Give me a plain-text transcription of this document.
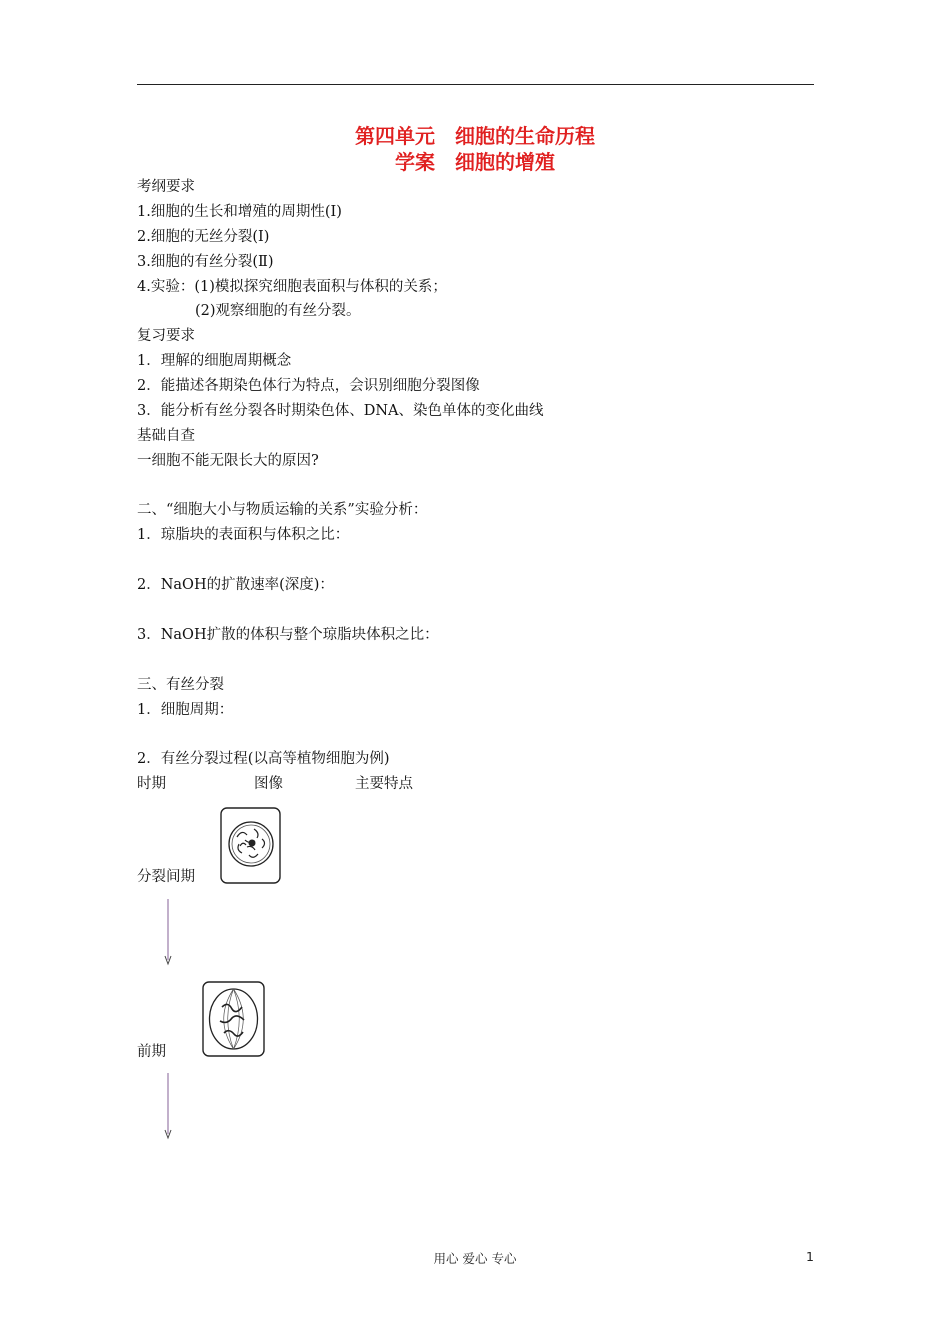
第四单元　细胞的生命历程
学案　细胞的增殖
考纲要求
1.细胞的生长和增殖的周期性(Ⅰ)
2.细胞的无丝分裂(Ⅰ)
3.细胞的有丝分裂(Ⅱ)
4.实验：(1)模拟探究细胞表面积与体积的关系；
　　　　(2)观察细胞的有丝分裂。
复习要求
1．理解的细胞周期概念
2．能描述各期染色体行为特点，会识别细胞分裂图像
3．能分析有丝分裂各时期染色体、DNA、染色单体的变化曲线
基础自查
一细胞不能无限长大的原因?
二、“细胞大小与物质运输的关系”实验分析：
1．琼脂块的表面积与体积之比：
2．NaOH的扩散速率(深度)：
3．NaOH扩散的体积与整个琼脂块体积之比：
三、有丝分裂
1．细胞周期：
2．有丝分裂过程(以高等植物细胞为例)
时期	图像	主要特点
分裂间期
前期
用心 爱心 专心	1
